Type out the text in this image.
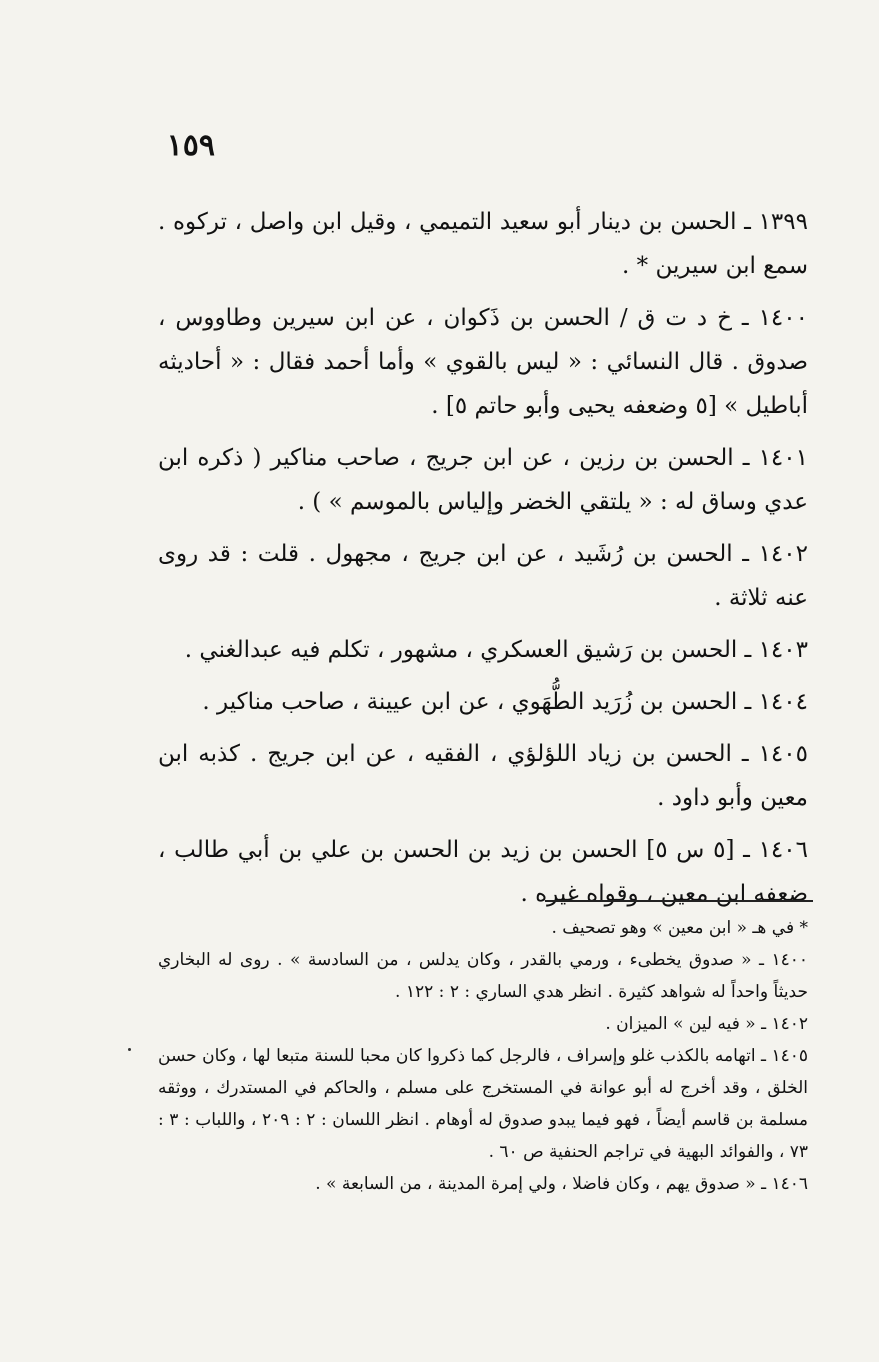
١٥٩

١٣٩٩ ـ الحسن بن دينار أبو سعيد التميمي ، وقيل ابن واصل ، تركوه . سمع ابن سيرين * .

١٤٠٠ ـ خ د ت ق / الحسن بن ذَكوان ، عن ابن سيرين وطاووس ، صدوق . قال النسائي : « ليس بالقوي » وأما أحمد فقال : « أحاديثه أباطيل » [٥ وضعفه يحيى وأبو حاتم ٥] .

١٤٠١ ـ الحسن بن رزين ، عن ابن جريج ، صاحب مناكير ( ذكره ابن عدي وساق له : « يلتقي الخضر وإلياس بالموسم » ) .

١٤٠٢ ـ الحسن بن رُشَيد ، عن ابن جريج ، مجهول . قلت : قد روى عنه ثلاثة .

١٤٠٣ ـ الحسن بن رَشيق العسكري ، مشهور ، تكلم فيه عبدالغني .

١٤٠٤ ـ الحسن بن زُرَيد الطُّهَوي ، عن ابن عيينة ، صاحب مناكير .

١٤٠٥ ـ الحسن بن زياد اللؤلؤي ، الفقيه ، عن ابن جريج . كذبه ابن معين وأبو داود .

١٤٠٦ ـ [٥ س ٥] الحسن بن زيد بن الحسن بن علي بن أبي طالب ، ضعفه ابن معين ، وقواه غيره .

* في هـ « ابن معين » وهو تصحيف .

١٤٠٠ ـ « صدوق يخطىء ، ورمي بالقدر ، وكان يدلس ، من السادسة » . روى له البخاري حديثاً واحداً له شواهد كثيرة . انظر هدي الساري : ٢ : ١٢٢ .

١٤٠٢ ـ « فيه لين » الميزان .

١٤٠٥ ـ اتهامه بالكذب غلو وإسراف ، فالرجل كما ذكروا كان محبا للسنة متبعا لها ، وكان حسن الخلق ، وقد أخرج له أبو عوانة في المستخرج على مسلم ، والحاكم في المستدرك ، ووثقه مسلمة بن قاسم أيضاً ، فهو فيما يبدو صدوق له أوهام . انظر اللسان : ٢ : ٢٠٩ ، واللباب : ٣ : ٧٣ ، والفوائد البهية في تراجم الحنفية ص ٦٠ .

١٤٠٦ ـ « صدوق يهم ، وكان فاضلا ، ولي إمرة المدينة ، من السابعة » .
